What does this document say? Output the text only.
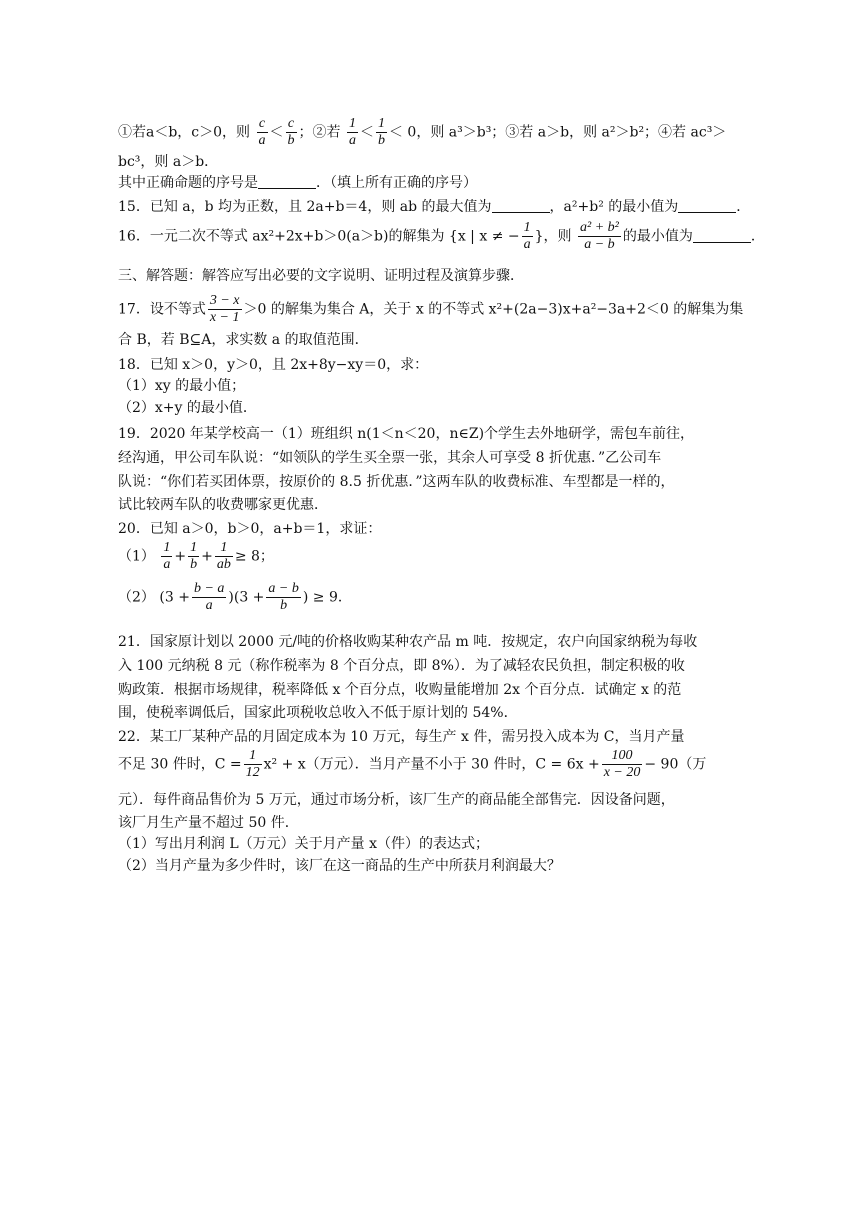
①若a＜b，c＞0，则 $\frac{c}{a} < \frac{c}{b}$ ；②若 $\frac{1}{a} < \frac{1}{b} < 0$，则 a³＞b³；③若 a＞b，则 a²＞b²；④若 ac³＞
bc³，则 a＞b．
其中正确命题的序号是	．（填上所有正确的序号）
15．已知 a，b 均为正数，且 2a+b＝4，则 ab 的最大值为	，a²+b² 的最小值为	．
16．一元二次不等式 ax²+2x+b＞0(a＞b)的解集为 {x | x ≠ − $\frac{1}{a}$ }，则 $\frac{\text{a² + b²}}{a - b}$ 的最小值为	．
三、解答题：解答应写出必要的文字说明、证明过程及演算步骤．
17．设不等式 $\frac{3 - x}{x - 1} >0$ 的解集为集合 A，关于 x 的不等式 x²+(2a−3)x+a²−3a+2＜0 的解集为集
合 B，若 B⊆A，求实数 a 的取值范围．
18．已知 x＞0，y＞0，且 2x+8y−xy＝0，求：
（1）xy 的最小值；
（2）x+y 的最小值．
19．2020 年某学校高一（1）班组织 n(1＜n＜20，n∈Z)个学生去外地研学，需包车前往，
经沟通，甲公司车队说：“如领队的学生买全票一张，其余人可享受 8 折优惠．”乙公司车
队说：“你们若买团体票，按原价的 8.5 折优惠．”这两车队的收费标准、车型都是一样的，
试比较两车队的收费哪家更优惠．
20．已知 a＞0，b＞0，a+b＝1，求证：
$(1) \frac{1}{a} + \frac{1}{b} + \frac{1}{ab} \ge 8$；
（2） $(3 + \frac{b - a}{a} )(3 + \frac{a - b}{b}$ ) ≥ 9．
21．国家原计划以 2000 元/吨的价格收购某种农产品 m 吨．按规定，农户向国家纳税为每收
入 100 元纳税 8 元（称作税率为 8 个百分点，即 8%）．为了减轻农民负担，制定积极的收
购政策．根据市场规律，税率降低 x 个百分点，收购量能增加 2x 个百分点．试确定 x 的范
围，使税率调低后，国家此项税收总收入不低于原计划的 54%．
22．某工厂某种产品的月固定成本为 10 万元，每生产 x 件，需另投入成本为 C，当月产量
不足 30 件时，$C = \frac{1}{12} x^2 + x$（万元）．当月产量不小于 30 件时，$C = 6x + \frac{100}{x - 20} - 90$（万
元）．每件商品售价为 5 万元，通过市场分析，该厂生产的商品能全部售完．因设备问题，
该厂月生产量不超过 50 件．
（1）写出月利润 L（万元）关于月产量 x（件）的表达式；
（2）当月产量为多少件时，该厂在这一商品的生产中所获月利润最大？
